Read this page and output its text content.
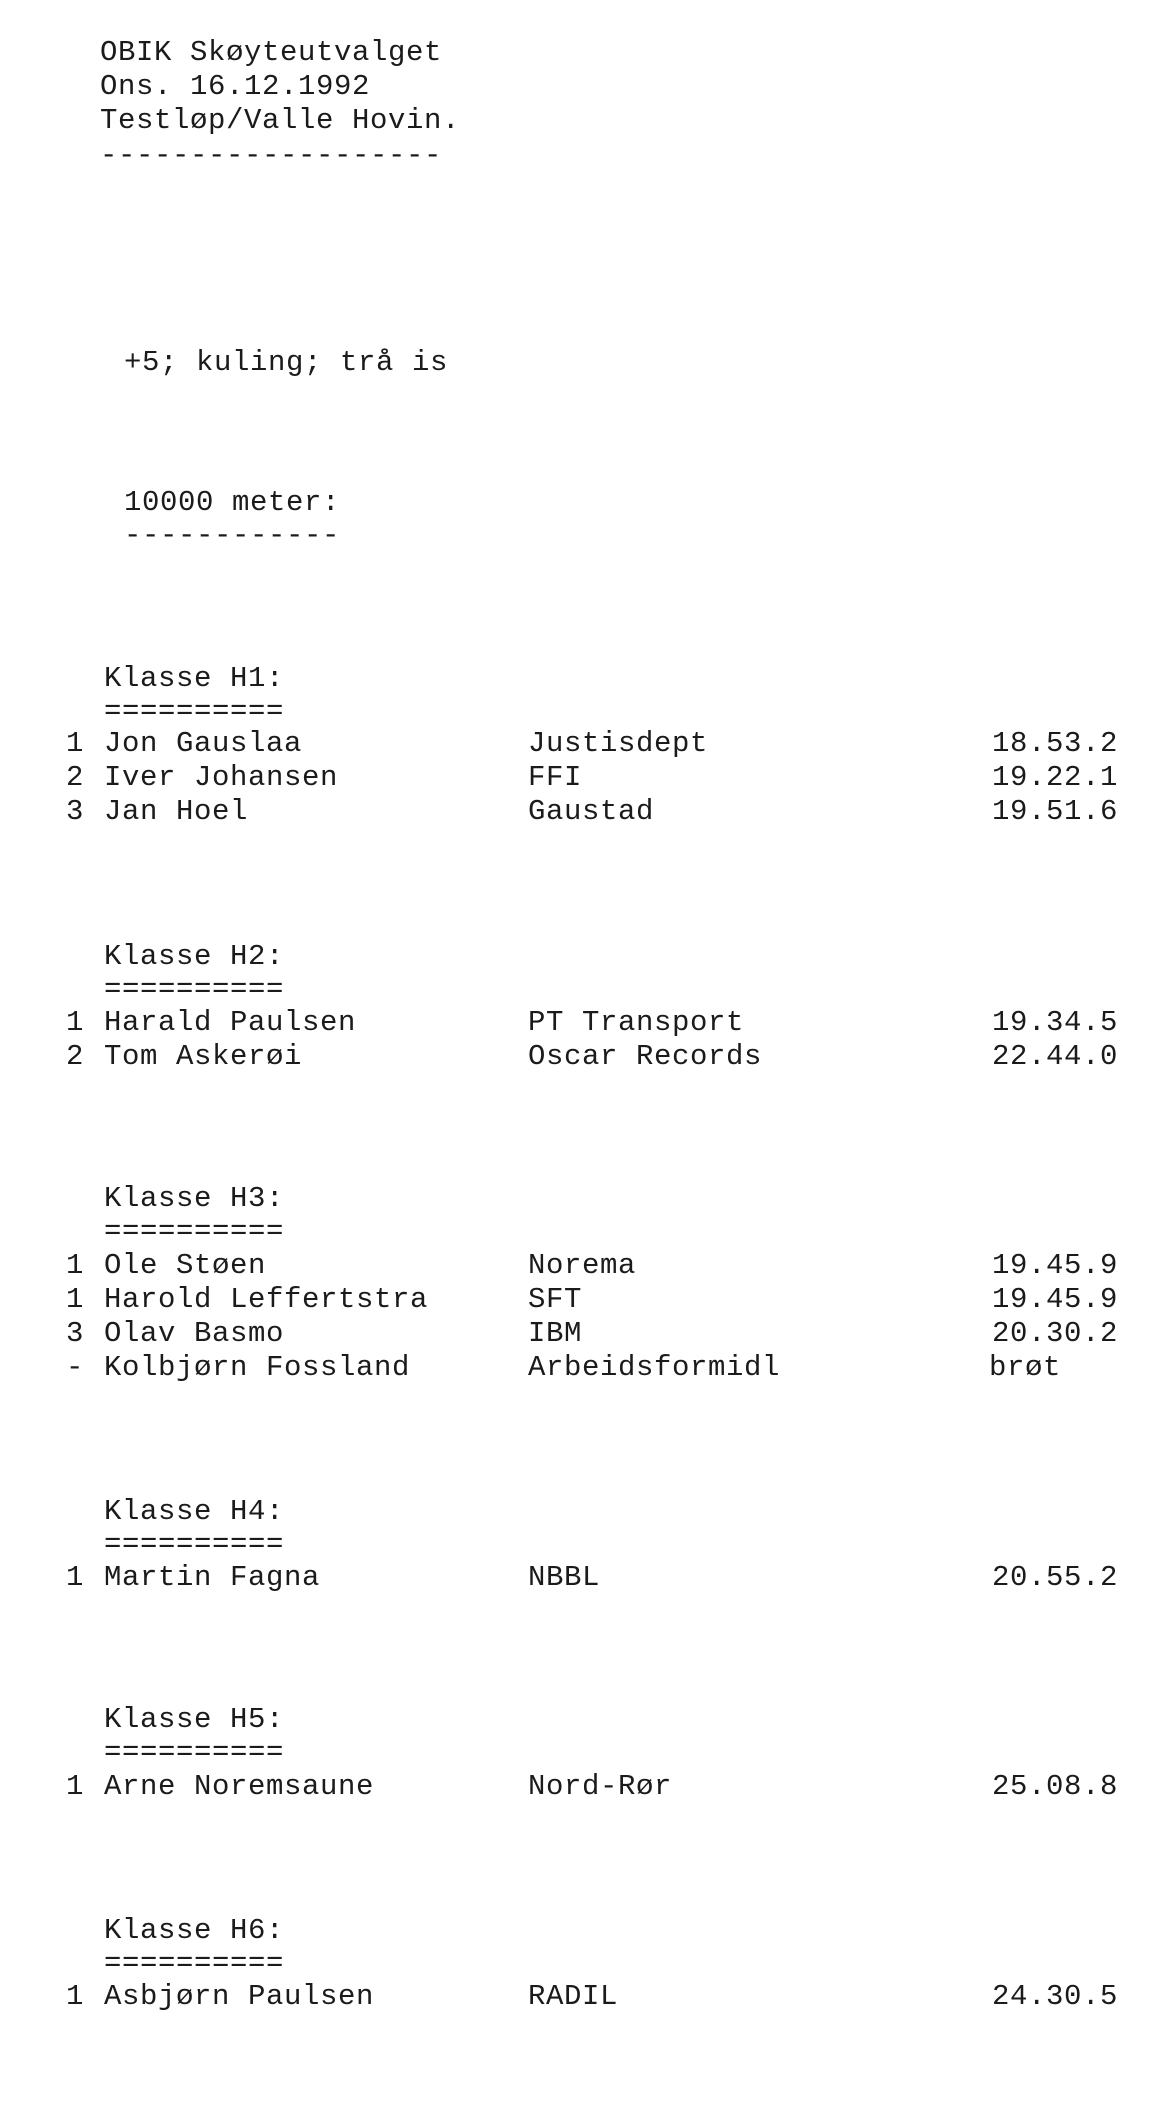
OBIK Skøyteutvalget
Ons. 16.12.1992
Testløp/Valle Hovin.
-------------------
+5; kuling; trå is
10000 meter:
------------
Klasse H1:
==========
1 Jon Gauslaa	Justisdept	18.53.2
2 Iver Johansen	FFI	19.22.1
3 Jan Hoel	Gaustad	19.51.6
Klasse H2:
==========
1 Harald Paulsen	PT Transport	19.34.5
2 Tom Askerøi	Oscar Records	22.44.0
Klasse H3:
==========
1 Ole Støen	Norema	19.45.9
1 Harold Leffertstra	SFT	19.45.9
3 Olav Basmo	IBM	20.30.2
- Kolbjørn Fossland	Arbeidsformidl	brøt
Klasse H4:
==========
1 Martin Fagna	NBBL	20.55.2
Klasse H5:
==========
1 Arne Noremsaune	Nord-Rør	25.08.8
Klasse H6:
==========
1 Asbjørn Paulsen	RADIL	24.30.5
